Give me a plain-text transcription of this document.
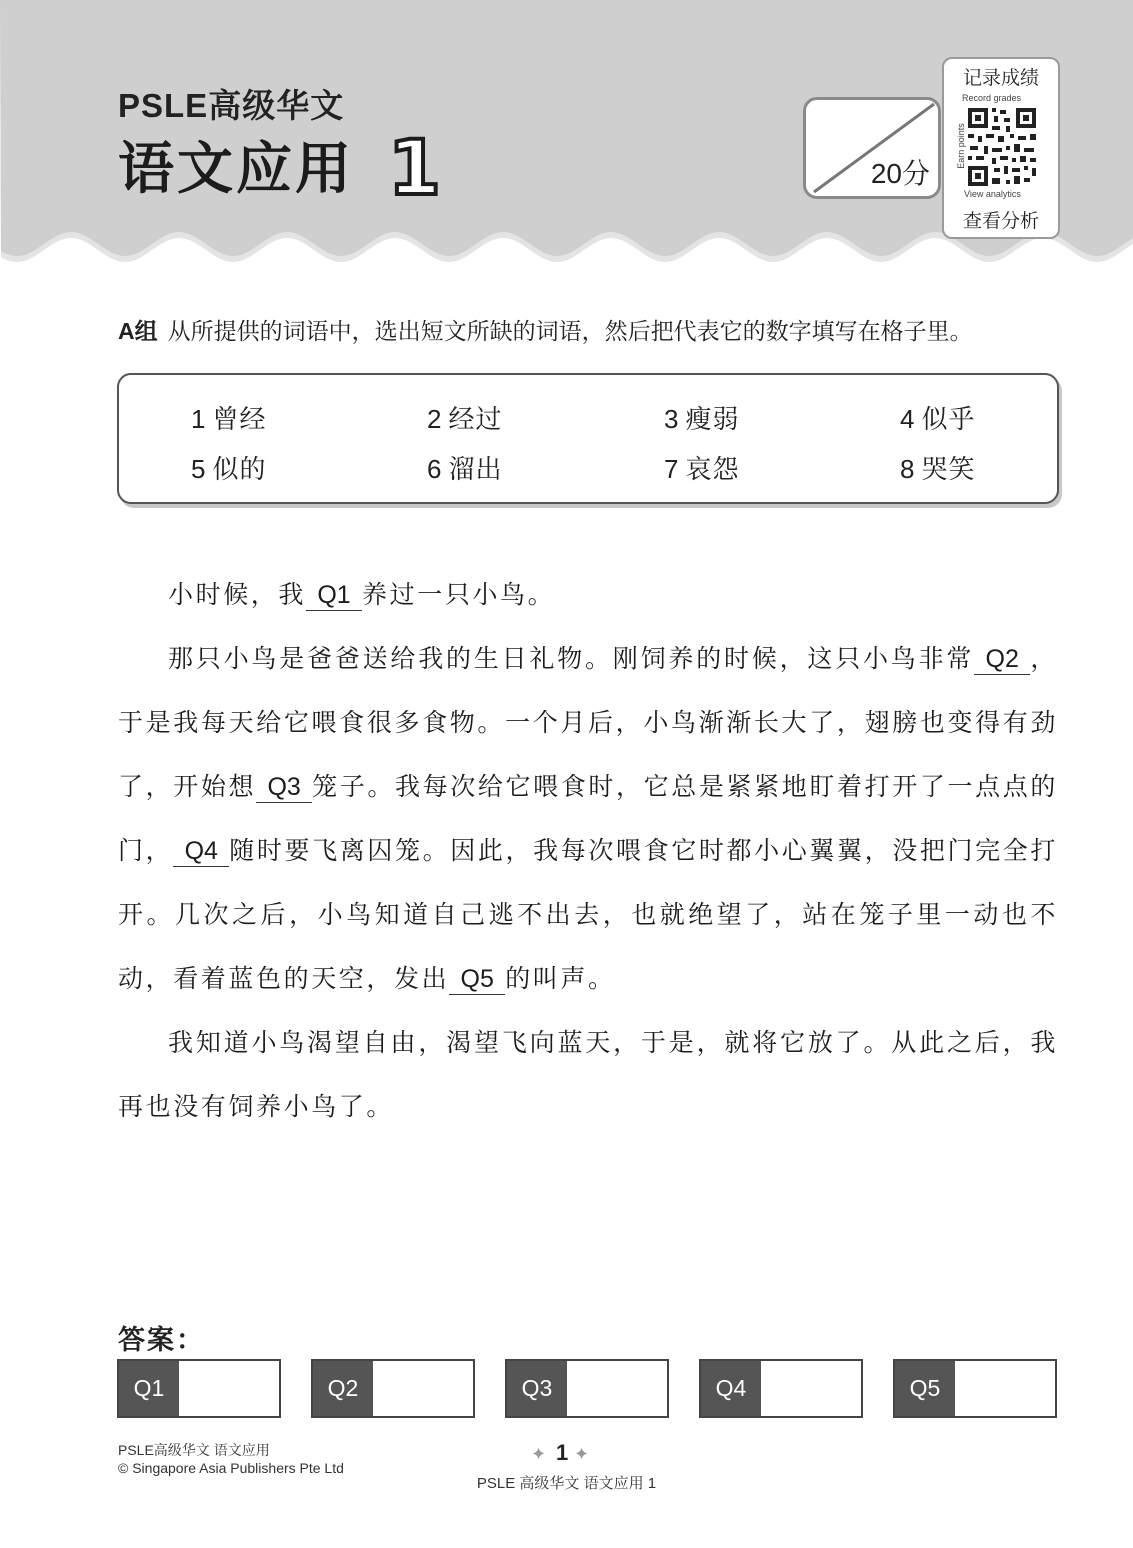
PSLE高级华文
语文应用 1	20分
记录成绩
Record grades
Earn points
View analytics
查看分析
A组 从所提供的词语中，选出短文所缺的词语，然后把代表它的数字填写在格子里。
1 曾经	2 经过	3 瘦弱	4 似乎
5 似的	6 溜出	7 哀怨	8 哭笑

小时候，我 Q1 养过一只小鸟。

那只小鸟是爸爸送给我的生日礼物。刚饲养的时候，这只小鸟非常 Q2 ，于是我每天给它喂食很多食物。一个月后，小鸟渐渐长大了，翅膀也变得有劲了，开始想 Q3 笼子。我每次给它喂食时，它总是紧紧地盯着打开了一点点的门， Q4 随时要飞离囚笼。因此，我每次喂食它时都小心翼翼，没把门完全打开。几次之后，小鸟知道自己逃不出去，也就绝望了，站在笼子里一动也不动，看着蓝色的天空，发出 Q5 的叫声。

我知道小鸟渴望自由，渴望飞向蓝天，于是，就将它放了。从此之后，我再也没有饲养小鸟了。

答案：
Q1	Q2	Q3	Q4	Q5
PSLE高级华文 语文应用
© Singapore Asia Publishers Pte Ltd
✦ 1 ✦
PSLE 高级华文 语文应用 1
